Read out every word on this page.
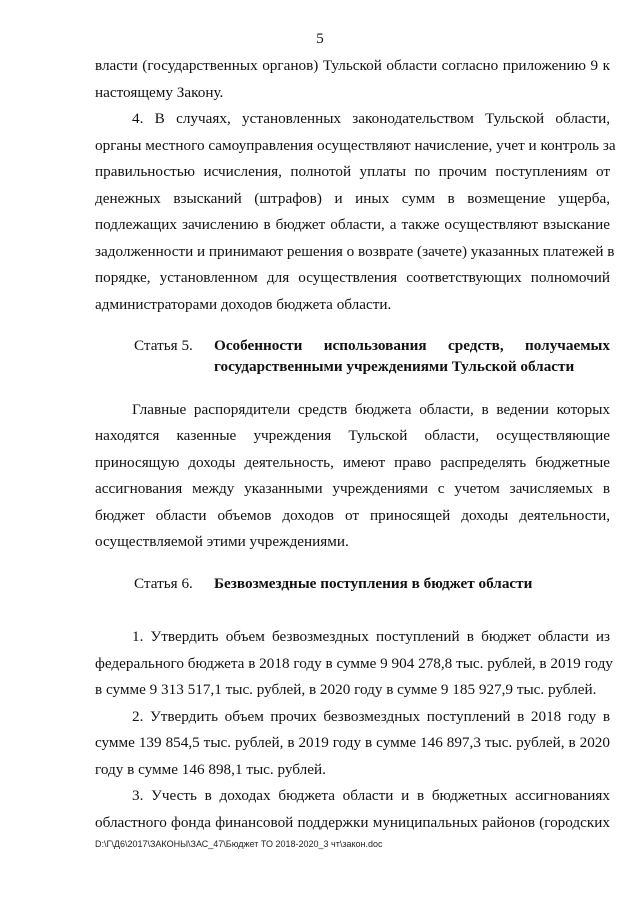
5
власти (государственных органов) Тульской области согласно приложению 9 к
настоящему Закону.
4. В случаях, установленных законодательством Тульской области,
органы местного самоуправления осуществляют начисление, учет и контроль за
правильностью исчисления, полнотой уплаты по прочим поступлениям от
денежных взысканий (штрафов) и иных сумм в возмещение ущерба,
подлежащих зачислению в бюджет области, а также осуществляют взыскание
задолженности и принимают решения о возврате (зачете) указанных платежей в
порядке, установленном для осуществления соответствующих полномочий
администраторами доходов бюджета области.
Статья 5. Особенности использования средств, получаемых
государственными учреждениями Тульской области
Главные распорядители средств бюджета области, в ведении которых
находятся казенные учреждения Тульской области, осуществляющие
приносящую доходы деятельность, имеют право распределять бюджетные
ассигнования между указанными учреждениями с учетом зачисляемых в
бюджет области объемов доходов от приносящей доходы деятельности,
осуществляемой этими учреждениями.
Статья 6. Безвозмездные поступления в бюджет области
1. Утвердить объем безвозмездных поступлений в бюджет области из
федерального бюджета в 2018 году в сумме 9 904 278,8 тыс. рублей, в 2019 году
в сумме 9 313 517,1 тыс. рублей, в 2020 году в сумме 9 185 927,9 тыс. рублей.
2. Утвердить объем прочих безвозмездных поступлений в 2018 году в
сумме 139 854,5 тыс. рублей, в 2019 году в сумме 146 897,3 тыс. рублей, в 2020
году в сумме 146 898,1 тыс. рублей.
3. Учесть в доходах бюджета области и в бюджетных ассигнованиях
областного фонда финансовой поддержки муниципальных районов (городских
D:\Г\Д6\2017\ЗАКОНЫ\ЗАС_47\Бюджет ТО 2018-2020_3 чт\закон.doc
